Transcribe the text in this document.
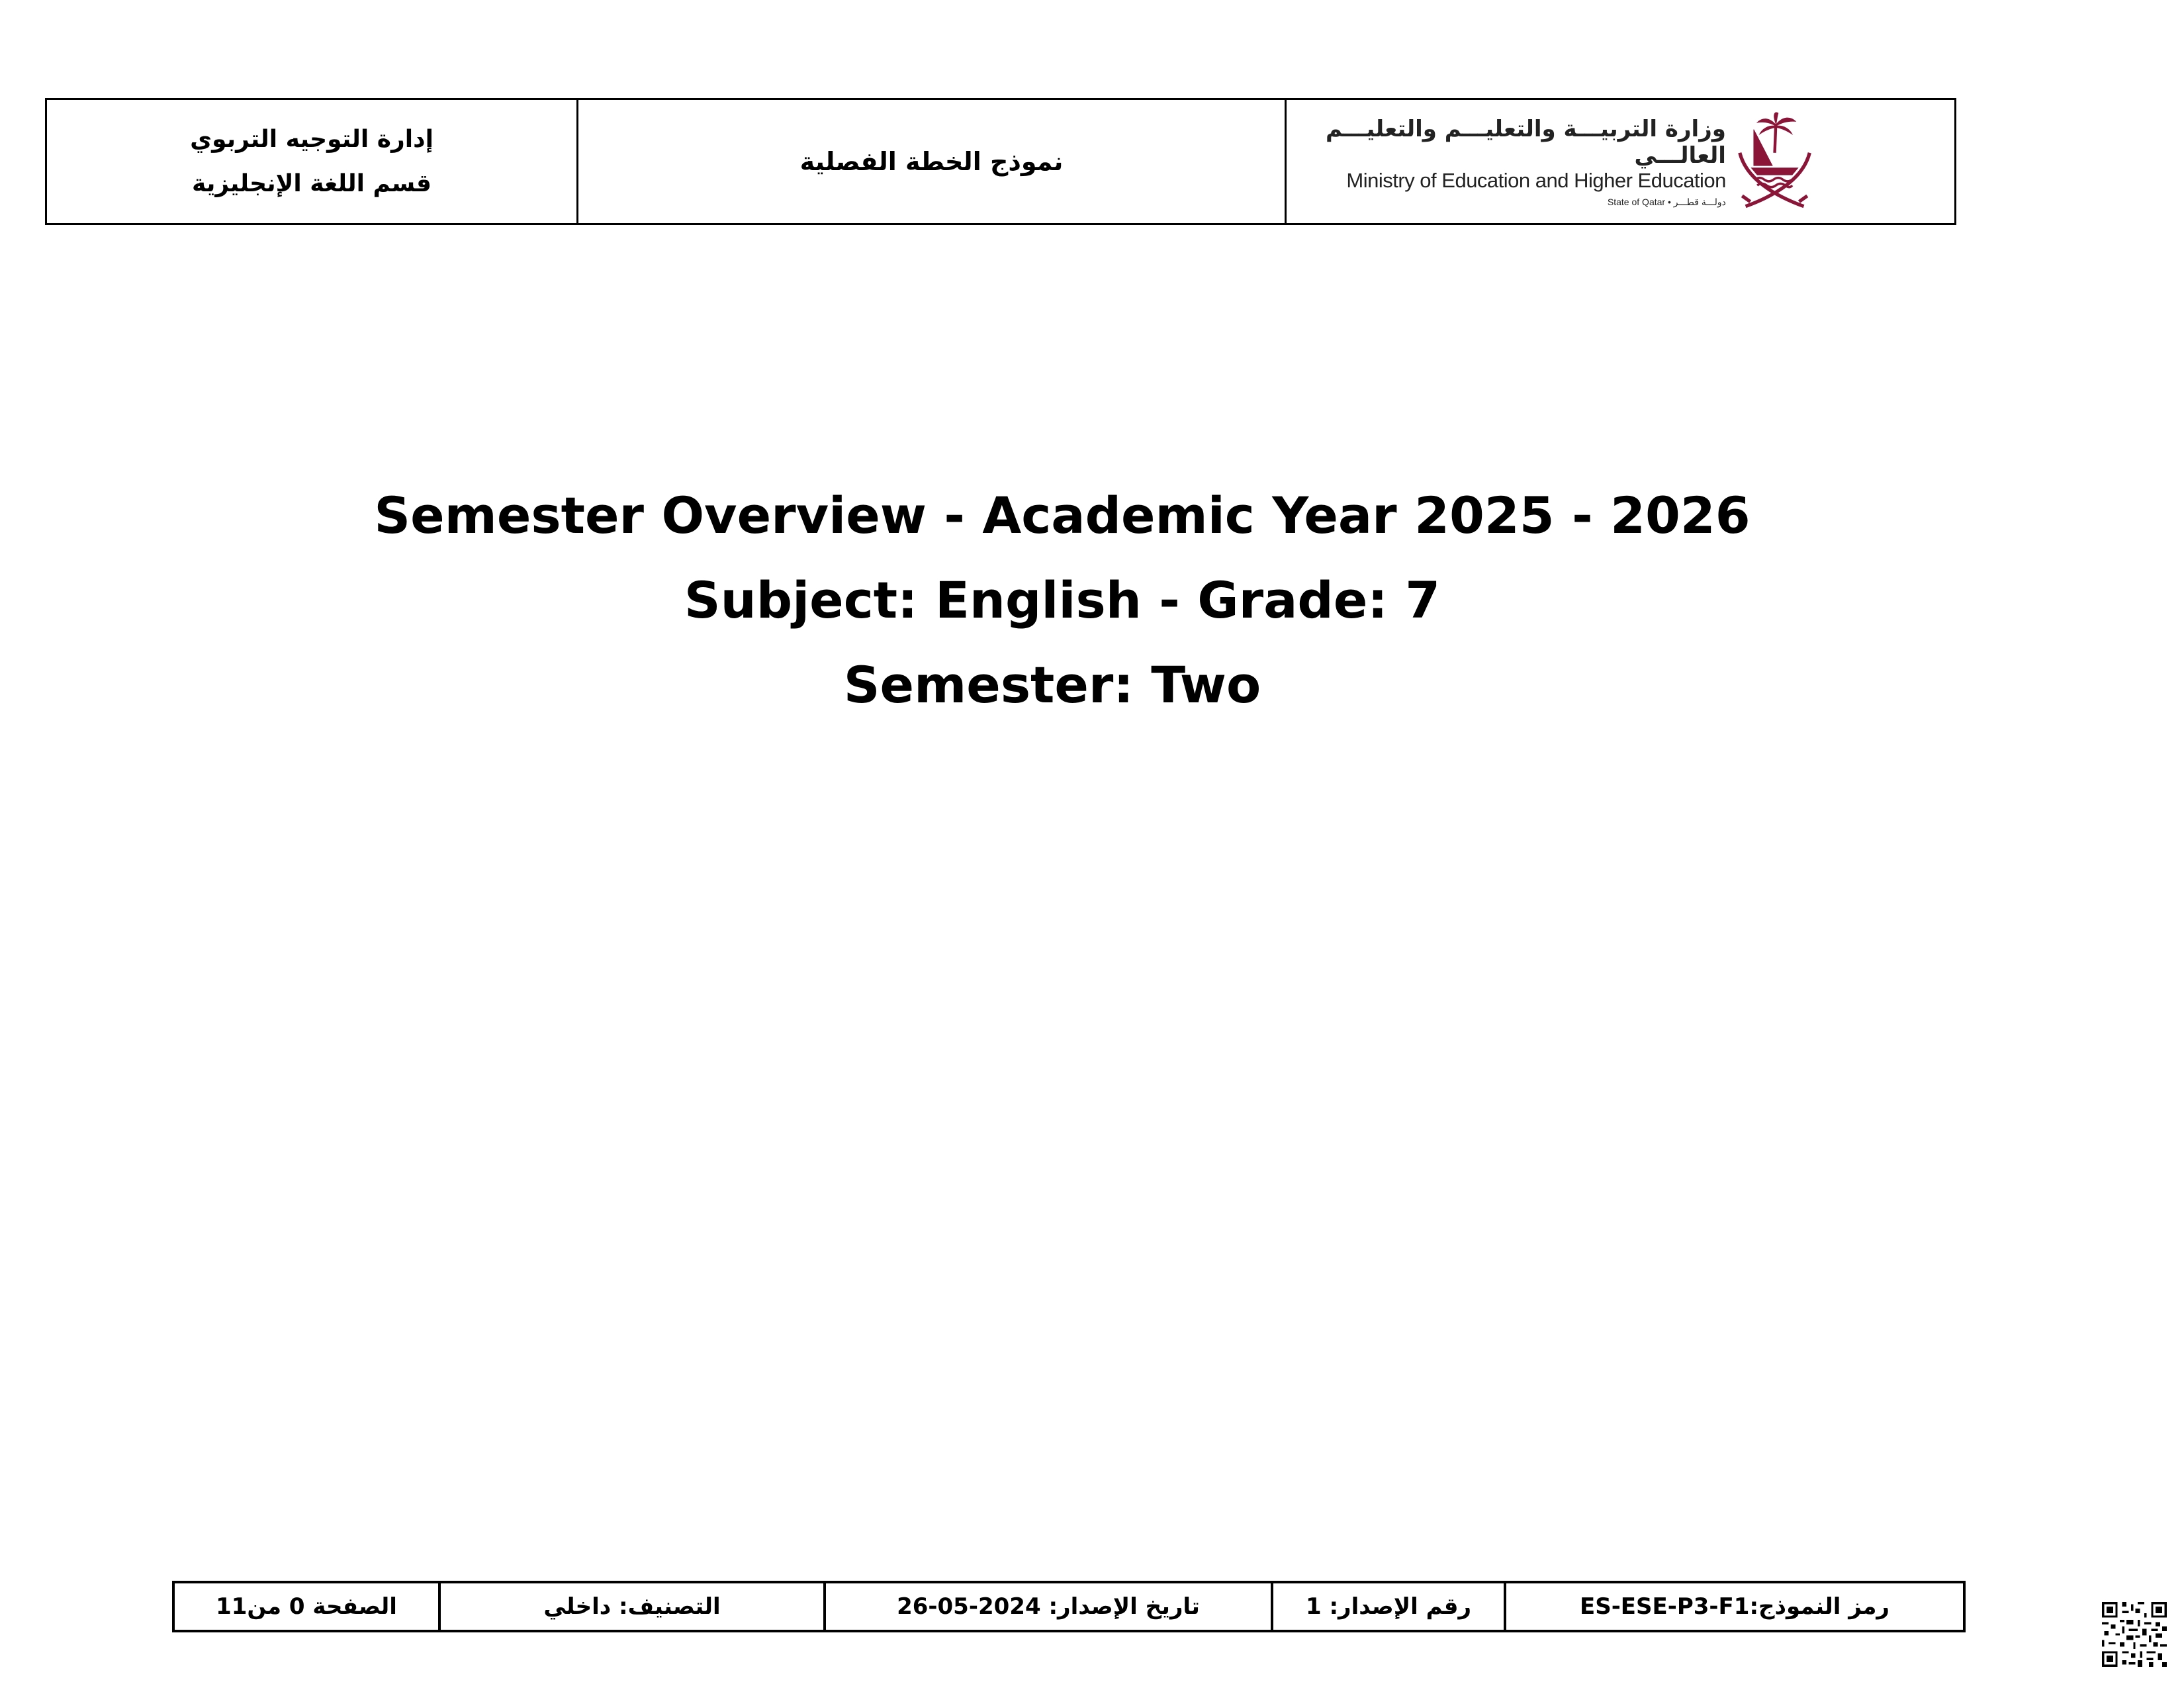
إدارة التوجيه التربوي
قسم اللغة الإنجليزية
نموذج الخطة الفصلية
وزارة التربيـــة والتعليـــم والتعليـــم العالـــي
Ministry of Education and Higher Education
State of Qatar • دولـــة قطـــر
Semester Overview - Academic Year 2025 - 2026
Subject: English - Grade: 7
Semester: Two
الصفحة 0 من11	التصنيف: داخلي	تاريخ الإصدار: 2024-05-26	رقم الإصدار: 1	رمز النموذج:ES-ESE-P3-F1
